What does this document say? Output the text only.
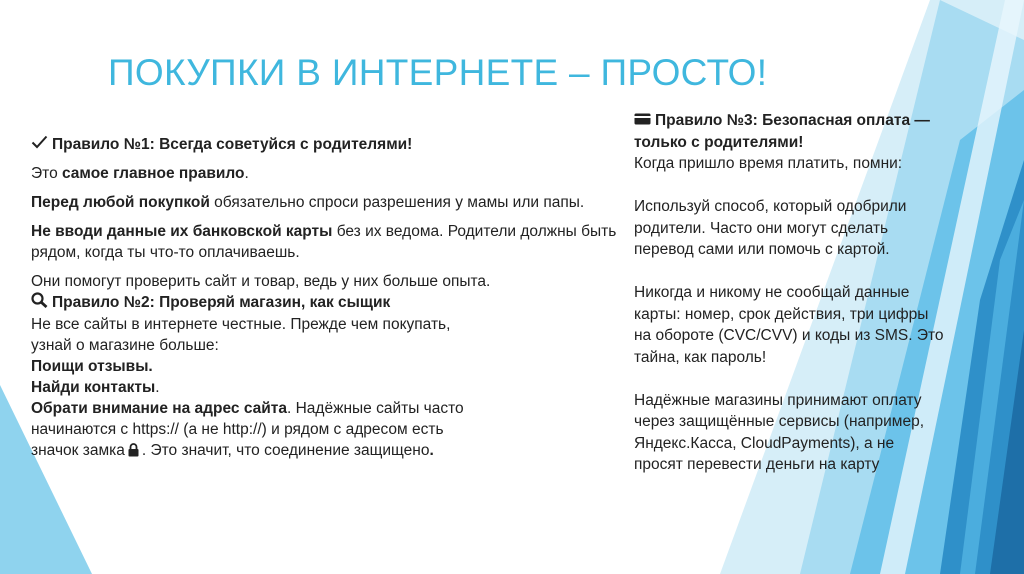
ПОКУПКИ В ИНТЕРНЕТЕ – ПРОСТО!

Правило №1: Всегда советуйся с родителями!

Это самое главное правило.

Перед любой покупкой обязательно спроси разрешения у мамы или папы.

Не вводи данные их банковской карты без их ведома. Родители должны быть рядом, когда ты что-то оплачиваешь.

Они помогут проверить сайт и товар, ведь у них больше опыта.

Правило №2: Проверяй магазин, как сыщик

Не все сайты в интернете честные. Прежде чем покупать,

узнай о магазине больше:

Поищи отзывы.

Найди контакты.

Обрати внимание на адрес сайта. Надёжные сайты часто

начинаются с https:// (а не http://) и рядом с адресом есть

значок замка . Это значит, что соединение защищено.

Правило №3: Безопасная оплата — только с родителями!

Когда пришло время платить, помни:

Используй способ, который одобрили родители. Часто они могут сделать перевод сами или помочь с картой.

Никогда и никому не сообщай данные карты: номер, срок действия, три цифры на обороте (CVC/CVV) и коды из SMS. Это тайна, как пароль!

Надёжные магазины принимают оплату через защищённые сервисы (например, Яндекс.Касса, CloudPayments), а не просят перевести деньги на карту
